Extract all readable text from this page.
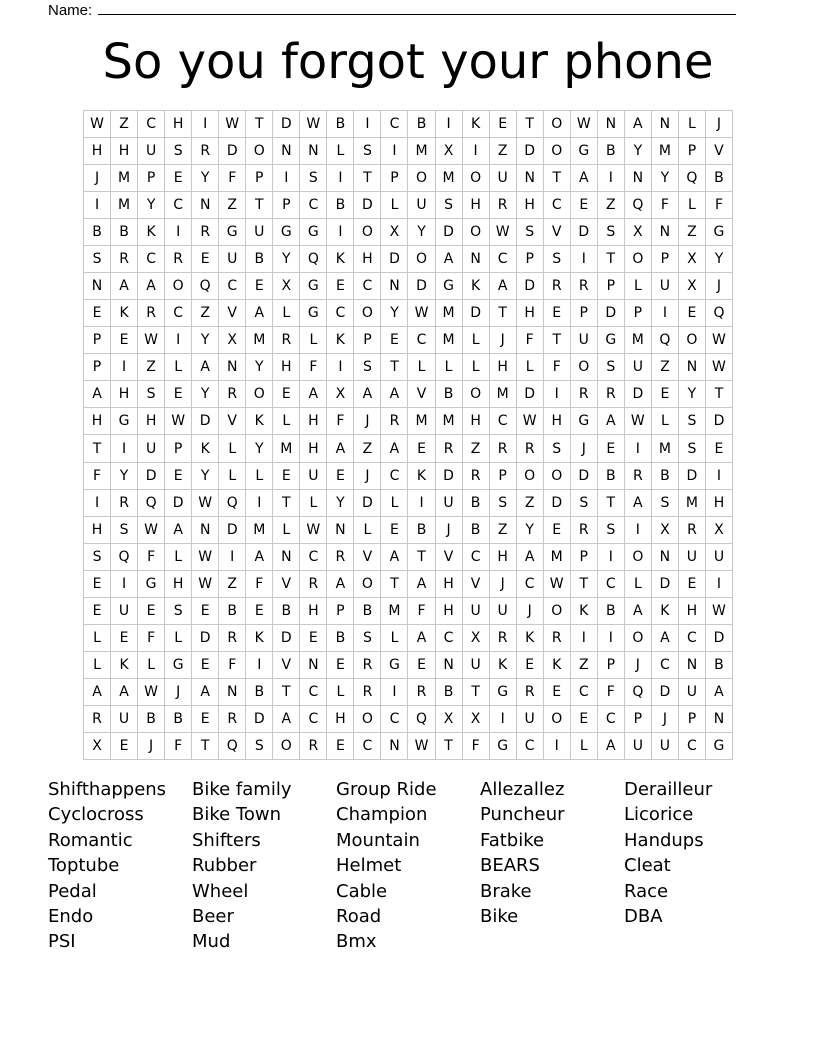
Name:
So you forgot your phone
W	Z	C	H	I	W	T	D	W	B	I	C	B	I	K	E	T	O	W	N	A	N	L	J
H	H	U	S	R	D	O	N	N	L	S	I	M	X	I	Z	D	O	G	B	Y	M	P	V
J	M	P	E	Y	F	P	I	S	I	T	P	O	M	O	U	N	T	A	I	N	Y	Q	B
I	M	Y	C	N	Z	T	P	C	B	D	L	U	S	H	R	H	C	E	Z	Q	F	L	F
B	B	K	I	R	G	U	G	G	I	O	X	Y	D	O	W	S	V	D	S	X	N	Z	G
S	R	C	R	E	U	B	Y	Q	K	H	D	O	A	N	C	P	S	I	T	O	P	X	Y
N	A	A	O	Q	C	E	X	G	E	C	N	D	G	K	A	D	R	R	P	L	U	X	J
E	K	R	C	Z	V	A	L	G	C	O	Y	W	M	D	T	H	E	P	D	P	I	E	Q
P	E	W	I	Y	X	M	R	L	K	P	E	C	M	L	J	F	T	U	G	M	Q	O	W
P	I	Z	L	A	N	Y	H	F	I	S	T	L	L	L	H	L	F	O	S	U	Z	N	W
A	H	S	E	Y	R	O	E	A	X	A	A	V	B	O	M	D	I	R	R	D	E	Y	T
H	G	H	W	D	V	K	L	H	F	J	R	M	M	H	C	W	H	G	A	W	L	S	D
T	I	U	P	K	L	Y	M	H	A	Z	A	E	R	Z	R	R	S	J	E	I	M	S	E
F	Y	D	E	Y	L	L	E	U	E	J	C	K	D	R	P	O	O	D	B	R	B	D	I
I	R	Q	D	W	Q	I	T	L	Y	D	L	I	U	B	S	Z	D	S	T	A	S	M	H
H	S	W	A	N	D	M	L	W	N	L	E	B	J	B	Z	Y	E	R	S	I	X	R	X
S	Q	F	L	W	I	A	N	C	R	V	A	T	V	C	H	A	M	P	I	O	N	U	U
E	I	G	H	W	Z	F	V	R	A	O	T	A	H	V	J	C	W	T	C	L	D	E	I
E	U	E	S	E	B	E	B	H	P	B	M	F	H	U	U	J	O	K	B	A	K	H	W
L	E	F	L	D	R	K	D	E	B	S	L	A	C	X	R	K	R	I	I	O	A	C	D
L	K	L	G	E	F	I	V	N	E	R	G	E	N	U	K	E	K	Z	P	J	C	N	B
A	A	W	J	A	N	B	T	C	L	R	I	R	B	T	G	R	E	C	F	Q	D	U	A
R	U	B	B	E	R	D	A	C	H	O	C	Q	X	X	I	U	O	E	C	P	J	P	N
X	E	J	F	T	Q	S	O	R	E	C	N	W	T	F	G	C	I	L	A	U	U	C	G
Shifthappens
Cyclocross
Romantic
Toptube
Pedal
Endo
PSI
Bike family
Bike Town
Shifters
Rubber
Wheel
Beer
Mud
Group Ride
Champion
Mountain
Helmet
Cable
Road
Bmx
Allezallez
Puncheur
Fatbike
BEARS
Brake
Bike
Derailleur
Licorice
Handups
Cleat
Race
DBA
